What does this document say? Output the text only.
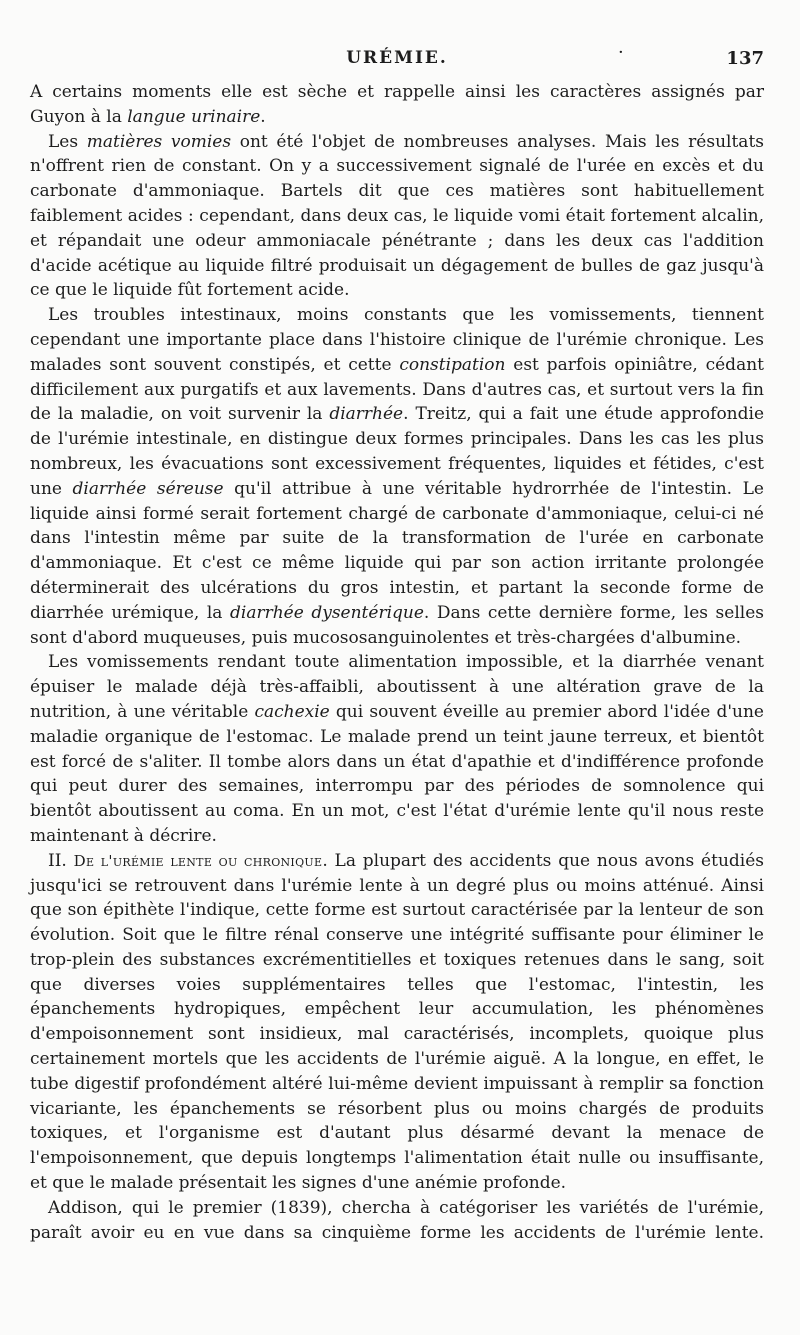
URÉMIE.	·	137

A certains moments elle est sèche et rappelle ainsi les caractères assignés par Guyon à la langue urinaire.

Les matières vomies ont été l'objet de nombreuses analyses. Mais les résultats n'offrent rien de constant. On y a successivement signalé de l'urée en excès et du carbonate d'ammoniaque. Bartels dit que ces matières sont habituellement faiblement acides : cependant, dans deux cas, le liquide vomi était fortement alcalin, et répandait une odeur ammoniacale pénétrante ; dans les deux cas l'addition d'acide acétique au liquide filtré produisait un dégagement de bulles de gaz jusqu'à ce que le liquide fût fortement acide.

Les troubles intestinaux, moins constants que les vomissements, tiennent cependant une importante place dans l'histoire clinique de l'urémie chronique. Les malades sont souvent constipés, et cette constipation est parfois opiniâtre, cédant difficilement aux purgatifs et aux lavements. Dans d'autres cas, et surtout vers la fin de la maladie, on voit survenir la diarrhée. Treitz, qui a fait une étude approfondie de l'urémie intestinale, en distingue deux formes principales. Dans les cas les plus nombreux, les évacuations sont excessivement fréquentes, liquides et fétides, c'est une diarrhée séreuse qu'il attribue à une véritable hydrorrhée de l'intestin. Le liquide ainsi formé serait fortement chargé de carbonate d'ammoniaque, celui-ci né dans l'intestin même par suite de la transformation de l'urée en carbonate d'ammoniaque. Et c'est ce même liquide qui par son action irritante prolongée déterminerait des ulcérations du gros intestin, et partant la seconde forme de diarrhée urémique, la diarrhée dysentérique. Dans cette dernière forme, les selles sont d'abord muqueuses, puis mucososanguinolentes et très-chargées d'albumine.

Les vomissements rendant toute alimentation impossible, et la diarrhée venant épuiser le malade déjà très-affaibli, aboutissent à une altération grave de la nutrition, à une véritable cachexie qui souvent éveille au premier abord l'idée d'une maladie organique de l'estomac. Le malade prend un teint jaune terreux, et bientôt est forcé de s'aliter. Il tombe alors dans un état d'apathie et d'indifférence profonde qui peut durer des semaines, interrompu par des périodes de somnolence qui bientôt aboutissent au coma. En un mot, c'est l'état d'urémie lente qu'il nous reste maintenant à décrire.

II. De l'urémie lente ou chronique. La plupart des accidents que nous avons étudiés jusqu'ici se retrouvent dans l'urémie lente à un degré plus ou moins atténué. Ainsi que son épithète l'indique, cette forme est surtout caractérisée par la lenteur de son évolution. Soit que le filtre rénal conserve une intégrité suffisante pour éliminer le trop-plein des substances excrémentitielles et toxiques retenues dans le sang, soit que diverses voies supplémentaires telles que l'estomac, l'intestin, les épanchements hydropiques, empêchent leur accumulation, les phénomènes d'empoisonnement sont insidieux, mal caractérisés, incomplets, quoique plus certainement mortels que les accidents de l'urémie aiguë. A la longue, en effet, le tube digestif profondément altéré lui-même devient impuissant à remplir sa fonction vicariante, les épanchements se résorbent plus ou moins chargés de produits toxiques, et l'organisme est d'autant plus désarmé devant la menace de l'empoisonnement, que depuis longtemps l'alimentation était nulle ou insuffisante, et que le malade présentait les signes d'une anémie profonde.

Addison, qui le premier (1839), chercha à catégoriser les variétés de l'urémie, paraît avoir eu en vue dans sa cinquième forme les accidents de l'urémie lente.
